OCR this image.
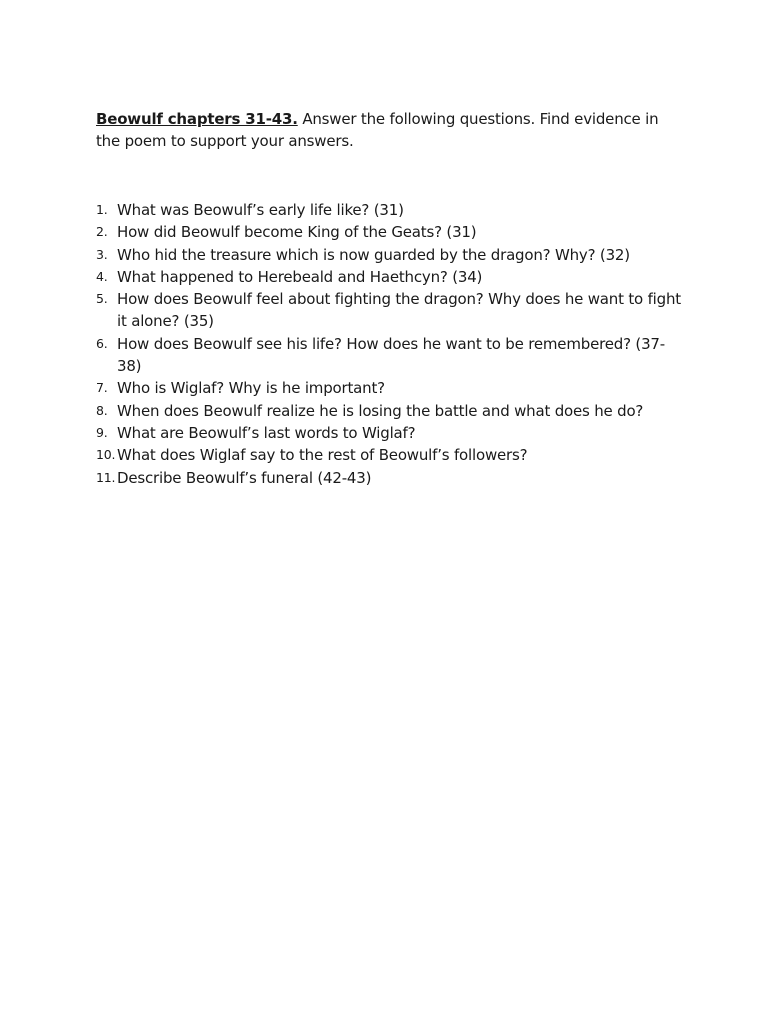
Beowulf chapters 31-43. Answer the following questions. Find evidence in the poem to support your answers.

1. What was Beowulf’s early life like? (31)
2. How did Beowulf become King of the Geats? (31)
3. Who hid the treasure which is now guarded by the dragon? Why? (32)
4. What happened to Herebeald and Haethcyn? (34)
5. How does Beowulf feel about fighting the dragon? Why does he want to fight it alone? (35)
6. How does Beowulf see his life? How does he want to be remembered? (37-38)
7. Who is Wiglaf? Why is he important?
8. When does Beowulf realize he is losing the battle and what does he do?
9. What are Beowulf’s last words to Wiglaf?
10. What does Wiglaf say to the rest of Beowulf’s followers?
11. Describe Beowulf’s funeral (42-43)
